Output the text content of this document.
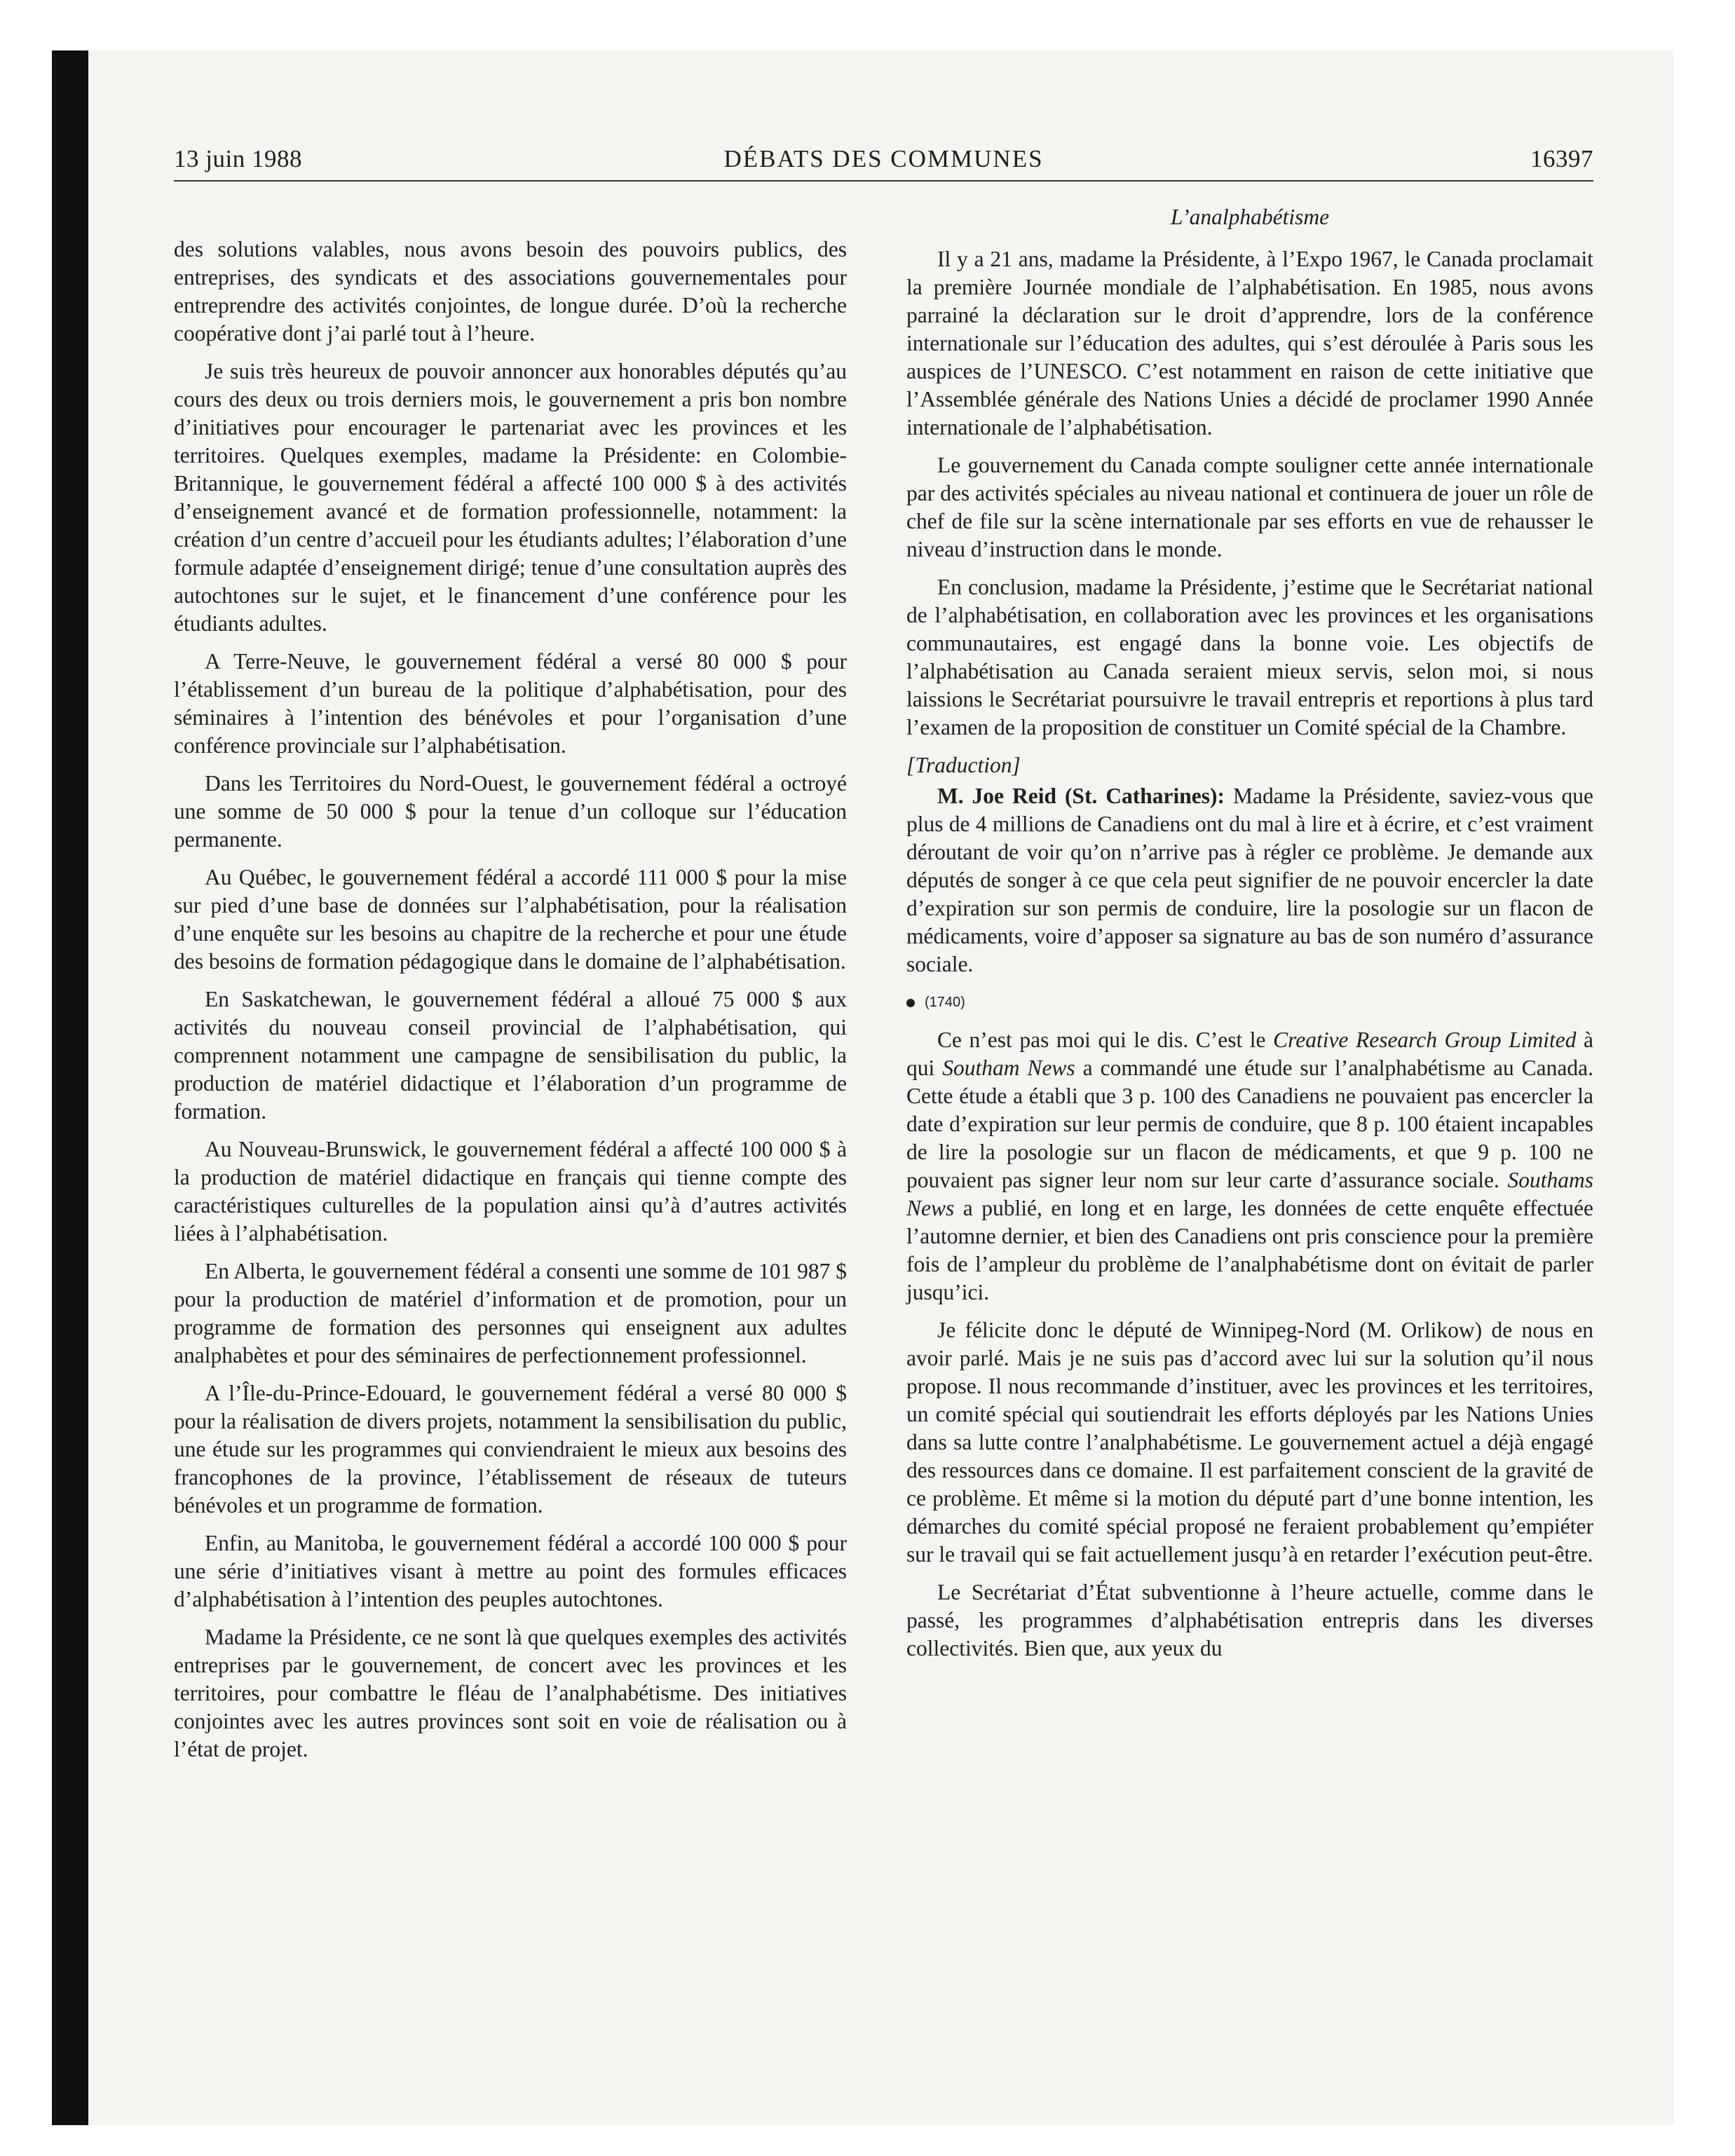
13 juin 1988	DÉBATS DES COMMUNES	16397

des solutions valables, nous avons besoin des pouvoirs publics, des entreprises, des syndicats et des associations gouvernementales pour entreprendre des activités conjointes, de longue durée. D’où la recherche coopérative dont j’ai parlé tout à l’heure.

Je suis très heureux de pouvoir annoncer aux honorables députés qu’au cours des deux ou trois derniers mois, le gouvernement a pris bon nombre d’initiatives pour encourager le partenariat avec les provinces et les territoires. Quelques exemples, madame la Présidente: en Colombie-Britannique, le gouvernement fédéral a affecté 100 000 $ à des activités d’enseignement avancé et de formation professionnelle, notamment: la création d’un centre d’accueil pour les étudiants adultes; l’élaboration d’une formule adaptée d’enseignement dirigé; tenue d’une consultation auprès des autochtones sur le sujet, et le financement d’une conférence pour les étudiants adultes.

A Terre-Neuve, le gouvernement fédéral a versé 80 000 $ pour l’établissement d’un bureau de la politique d’alphabétisation, pour des séminaires à l’intention des bénévoles et pour l’organisation d’une conférence provinciale sur l’alphabétisation.

Dans les Territoires du Nord-Ouest, le gouvernement fédéral a octroyé une somme de 50 000 $ pour la tenue d’un colloque sur l’éducation permanente.

Au Québec, le gouvernement fédéral a accordé 111 000 $ pour la mise sur pied d’une base de données sur l’alphabétisation, pour la réalisation d’une enquête sur les besoins au chapitre de la recherche et pour une étude des besoins de formation pédagogique dans le domaine de l’alphabétisation.

En Saskatchewan, le gouvernement fédéral a alloué 75 000 $ aux activités du nouveau conseil provincial de l’alphabétisation, qui comprennent notamment une campagne de sensibilisation du public, la production de matériel didactique et l’élaboration d’un programme de formation.

Au Nouveau-Brunswick, le gouvernement fédéral a affecté 100 000 $ à la production de matériel didactique en français qui tienne compte des caractéristiques culturelles de la population ainsi qu’à d’autres activités liées à l’alphabétisation.

En Alberta, le gouvernement fédéral a consenti une somme de 101 987 $ pour la production de matériel d’information et de promotion, pour un programme de formation des personnes qui enseignent aux adultes analphabètes et pour des séminaires de perfectionnement professionnel.

A l’Île-du-Prince-Edouard, le gouvernement fédéral a versé 80 000 $ pour la réalisation de divers projets, notamment la sensibilisation du public, une étude sur les programmes qui conviendraient le mieux aux besoins des francophones de la province, l’établissement de réseaux de tuteurs bénévoles et un programme de formation.

Enfin, au Manitoba, le gouvernement fédéral a accordé 100 000 $ pour une série d’initiatives visant à mettre au point des formules efficaces d’alphabétisation à l’intention des peuples autochtones.

Madame la Présidente, ce ne sont là que quelques exemples des activités entreprises par le gouvernement, de concert avec les provinces et les territoires, pour combattre le fléau de l’analphabétisme. Des initiatives conjointes avec les autres provinces sont soit en voie de réalisation ou à l’état de projet.

L’analphabétisme

Il y a 21 ans, madame la Présidente, à l’Expo 1967, le Canada proclamait la première Journée mondiale de l’alphabétisation. En 1985, nous avons parrainé la déclaration sur le droit d’apprendre, lors de la conférence internationale sur l’éducation des adultes, qui s’est déroulée à Paris sous les auspices de l’UNESCO. C’est notamment en raison de cette initiative que l’Assemblée générale des Nations Unies a décidé de proclamer 1990 Année internationale de l’alphabétisation.

Le gouvernement du Canada compte souligner cette année internationale par des activités spéciales au niveau national et continuera de jouer un rôle de chef de file sur la scène internationale par ses efforts en vue de rehausser le niveau d’instruction dans le monde.

En conclusion, madame la Présidente, j’estime que le Secrétariat national de l’alphabétisation, en collaboration avec les provinces et les organisations communautaires, est engagé dans la bonne voie. Les objectifs de l’alphabétisation au Canada seraient mieux servis, selon moi, si nous laissions le Secrétariat poursuivre le travail entrepris et reportions à plus tard l’examen de la proposition de constituer un Comité spécial de la Chambre.

[Traduction]

M. Joe Reid (St. Catharines): Madame la Présidente, saviez-vous que plus de 4 millions de Canadiens ont du mal à lire et à écrire, et c’est vraiment déroutant de voir qu’on n’arrive pas à régler ce problème. Je demande aux députés de songer à ce que cela peut signifier de ne pouvoir encercler la date d’expiration sur son permis de conduire, lire la posologie sur un flacon de médicaments, voire d’apposer sa signature au bas de son numéro d’assurance sociale.

(1740)

Ce n’est pas moi qui le dis. C’est le Creative Research Group Limited à qui Southam News a commandé une étude sur l’analphabétisme au Canada. Cette étude a établi que 3 p. 100 des Canadiens ne pouvaient pas encercler la date d’expiration sur leur permis de conduire, que 8 p. 100 étaient incapables de lire la posologie sur un flacon de médicaments, et que 9 p. 100 ne pouvaient pas signer leur nom sur leur carte d’assurance sociale. Southams News a publié, en long et en large, les données de cette enquête effectuée l’automne dernier, et bien des Canadiens ont pris conscience pour la première fois de l’ampleur du problème de l’analphabétisme dont on évitait de parler jusqu’ici.

Je félicite donc le député de Winnipeg-Nord (M. Orlikow) de nous en avoir parlé. Mais je ne suis pas d’accord avec lui sur la solution qu’il nous propose. Il nous recommande d’instituer, avec les provinces et les territoires, un comité spécial qui soutiendrait les efforts déployés par les Nations Unies dans sa lutte contre l’analphabétisme. Le gouvernement actuel a déjà engagé des ressources dans ce domaine. Il est parfaitement conscient de la gravité de ce problème. Et même si la motion du député part d’une bonne intention, les démarches du comité spécial proposé ne feraient probablement qu’empiéter sur le travail qui se fait actuellement jusqu’à en retarder l’exécution peut-être.

Le Secrétariat d’État subventionne à l’heure actuelle, comme dans le passé, les programmes d’alphabétisation entrepris dans les diverses collectivités. Bien que, aux yeux du
